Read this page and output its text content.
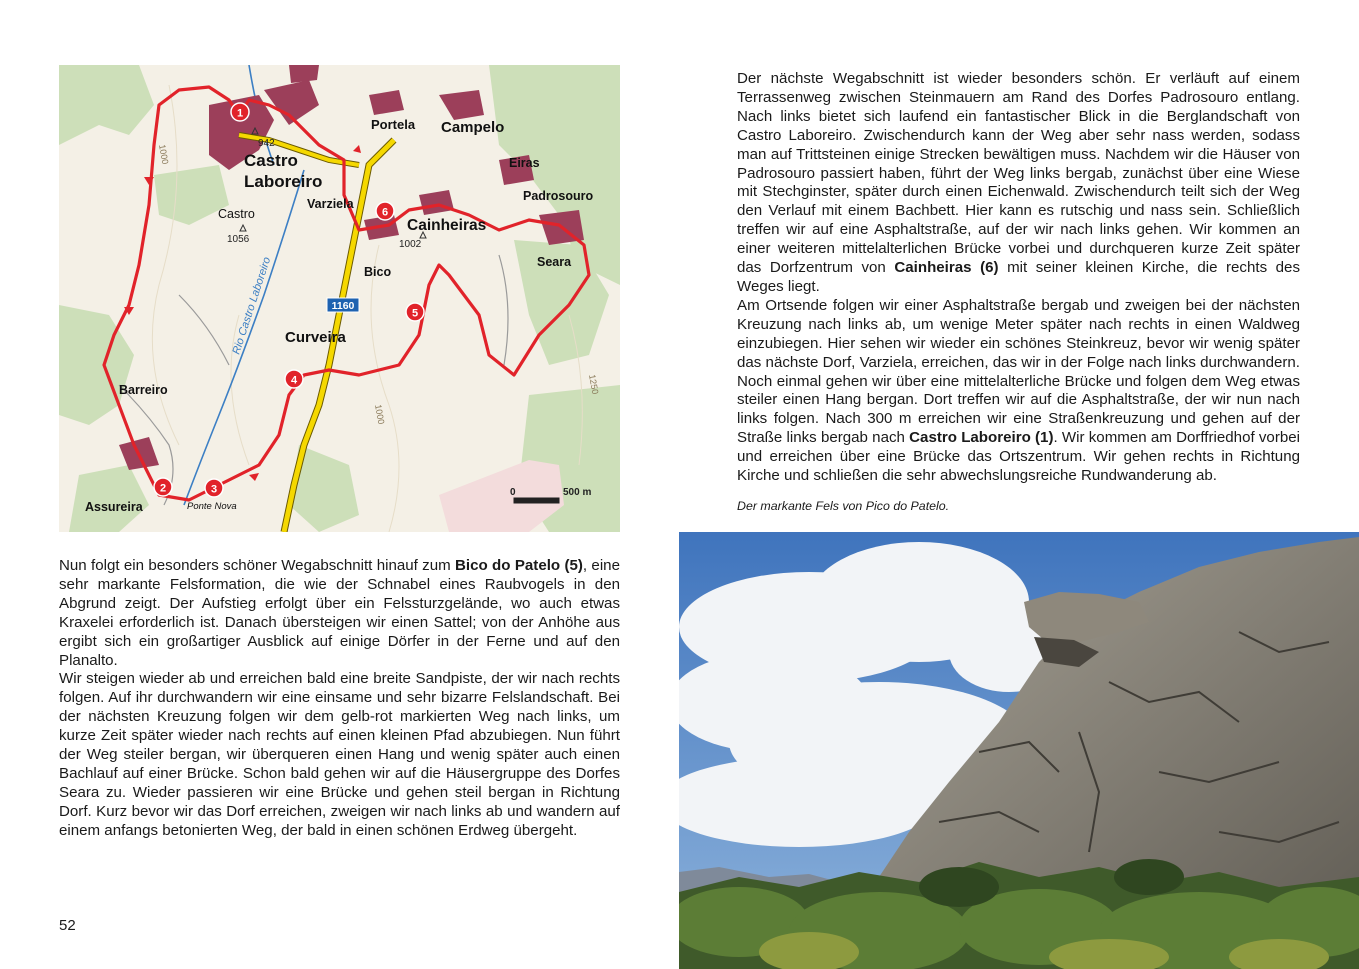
Rio Castro Laboreiro	1160
1
2	3
4
5
6
Castro
Laboreiro
Portela Campelo
Eiras
Padrosouro
Varziela
Cainheiras
Seara
Bico
Curveira
Barreiro
Assureira
Castro
Ponte Nova
942
1056	1002
1000
1000
1250
0	500 m

Nun folgt ein besonders schöner Wegabschnitt hinauf zum Bico do Patelo (5), eine sehr markante Felsformation, die wie der Schnabel eines Raubvogels in den Abgrund zeigt. Der Aufstieg erfolgt über ein Felssturzgelände, wo auch etwas Kraxelei erforderlich ist. Danach übersteigen wir einen Sattel; von der Anhöhe aus ergibt sich ein großartiger Ausblick auf einige Dörfer in der Ferne und auf den Planalto.

Wir steigen wieder ab und erreichen bald eine breite Sandpiste, der wir nach rechts folgen. Auf ihr durchwandern wir eine einsame und sehr bizarre Felslandschaft. Bei der nächsten Kreuzung folgen wir dem gelb-rot markierten Weg nach links, um kurze Zeit später wieder nach rechts auf einen kleinen Pfad abzubiegen. Nun führt der Weg steiler bergan, wir überqueren einen Hang und wenig später auch einen Bachlauf auf einer Brücke. Schon bald gehen wir auf die Häusergruppe des Dorfes Seara zu. Wieder passieren wir eine Brücke und gehen steil bergan in Richtung Dorf. Kurz bevor wir das Dorf erreichen, zweigen wir nach links ab und wandern auf einem anfangs betonierten Weg, der bald in einen schönen Erdweg übergeht.

Der nächste Wegabschnitt ist wieder besonders schön. Er verläuft auf einem Terrassenweg zwischen Steinmauern am Rand des Dorfes Padrosouro entlang. Nach links bietet sich laufend ein fantastischer Blick in die Berglandschaft von Castro Laboreiro. Zwischendurch kann der Weg aber sehr nass werden, sodass man auf Trittsteinen einige Strecken bewältigen muss. Nachdem wir die Häuser von Padrosouro passiert haben, führt der Weg links bergab, zunächst über eine Wiese mit Stechginster, später durch einen Eichenwald. Zwischendurch teilt sich der Weg den Verlauf mit einem Bachbett. Hier kann es rutschig und nass sein. Schließlich treffen wir auf eine Asphaltstraße, auf der wir nach links gehen. Wir kommen an einer weiteren mittelalterlichen Brücke vorbei und durchqueren kurze Zeit später das Dorfzentrum von Cainheiras (6) mit seiner kleinen Kirche, die rechts des Weges liegt.

Am Ortsende folgen wir einer Asphaltstraße bergab und zweigen bei der nächsten Kreuzung nach links ab, um wenige Meter später nach rechts in einen Waldweg einzubiegen. Hier sehen wir wieder ein schönes Steinkreuz, bevor wir wenig später das nächste Dorf, Varziela, erreichen, das wir in der Folge nach links durchwandern. Noch einmal gehen wir über eine mittelalterliche Brücke und folgen dem Weg etwas steiler einen Hang bergan. Dort treffen wir auf die Asphaltstraße, der wir nun nach links folgen. Nach 300 m erreichen wir eine Straßenkreuzung und gehen auf der Straße links bergab nach Castro Laboreiro (1). Wir kommen am Dorffriedhof vorbei und erreichen über eine Brücke das Ortszentrum. Wir gehen rechts in Richtung Kirche und schließen die sehr abwechslungsreiche Rundwanderung ab.

Der markante Fels von Pico do Patelo.
52
